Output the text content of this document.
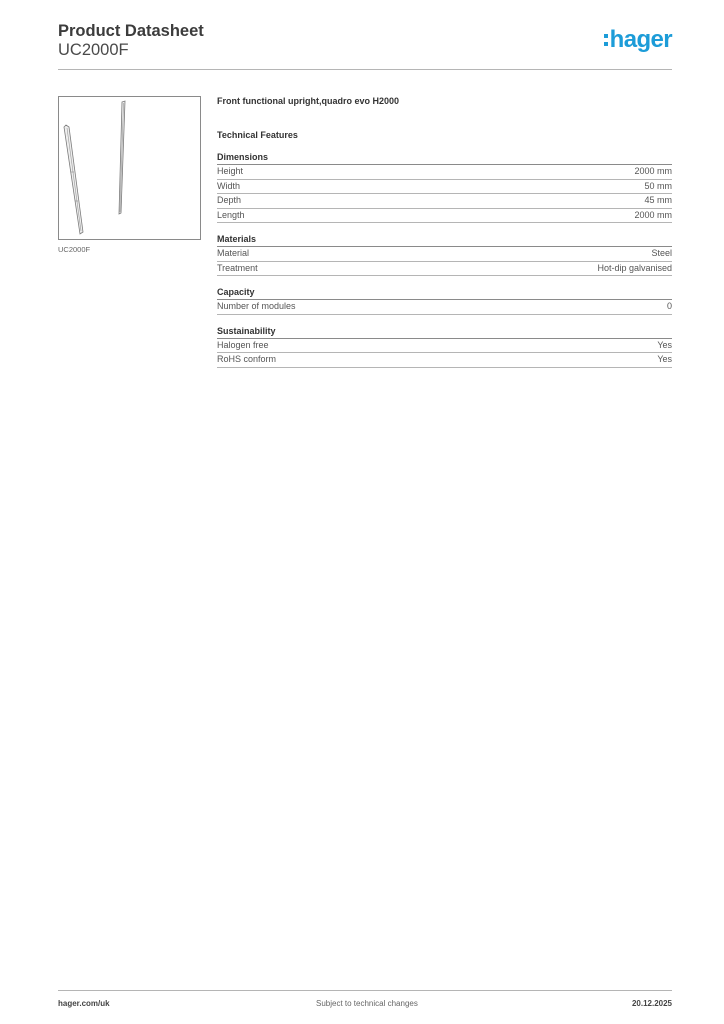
Product Datasheet
UC2000F	hager
UC2000F
Front functional upright,quadro evo H2000
Technical Features
Dimensions
Height	2000 mm
Width	50 mm
Depth	45 mm
Length	2000 mm
Materials
Material	Steel
Treatment	Hot-dip galvanised
Capacity
Number of modules	0
Sustainability
Halogen free	Yes
RoHS conform	Yes
hager.com/uk	Subject to technical changes	20.12.2025
